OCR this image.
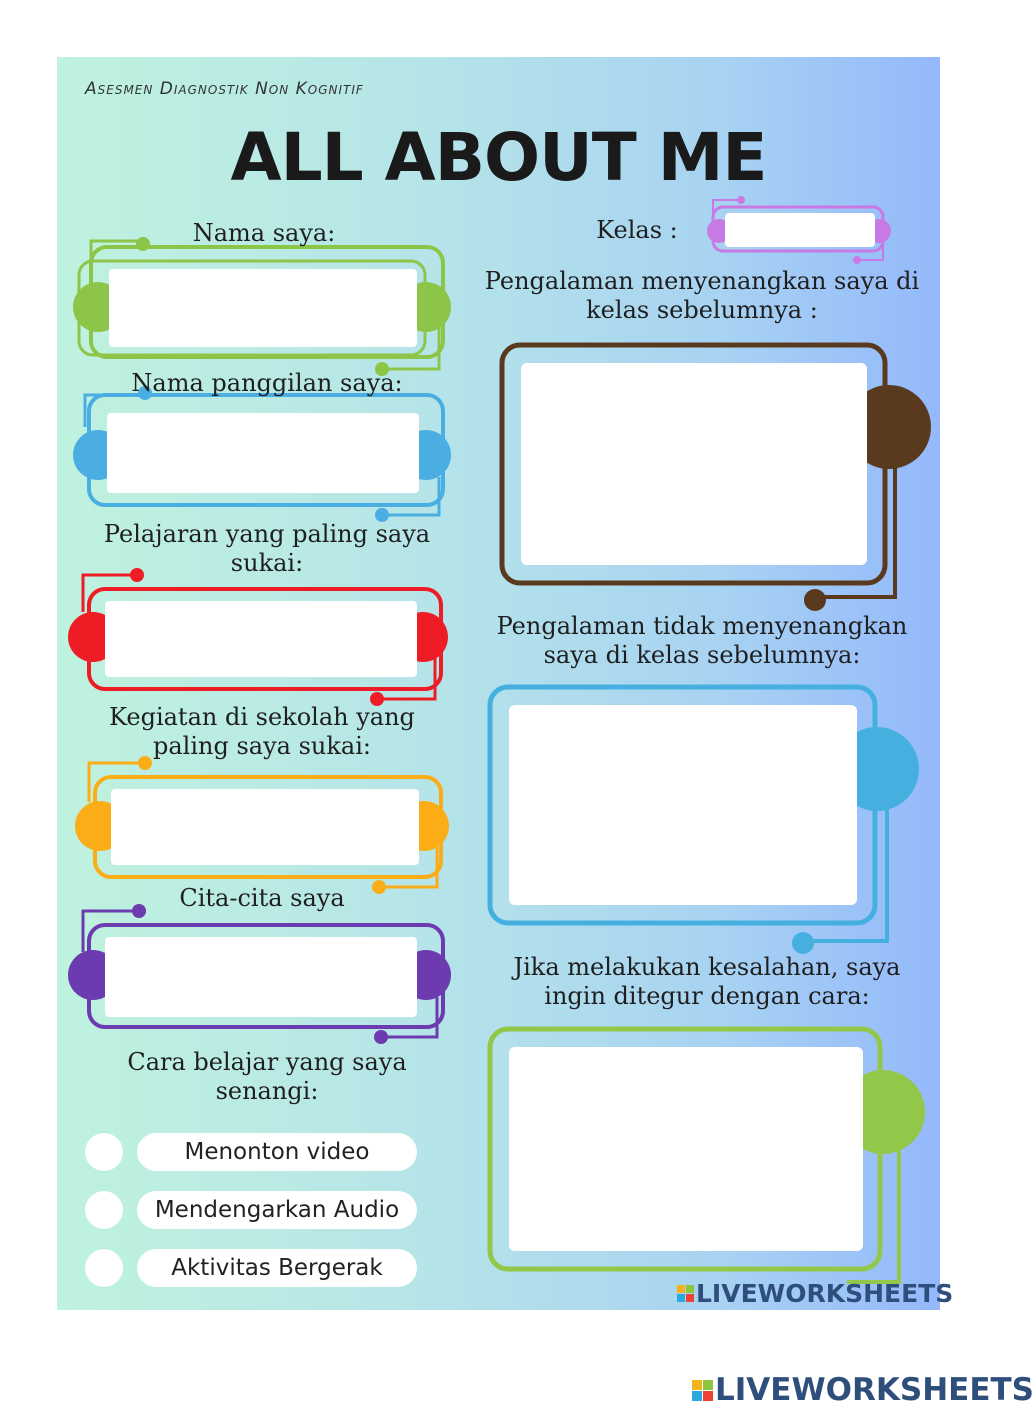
Asesmen Diagnostik Non Kognitif
ALL ABOUT ME
Nama saya:
Nama panggilan saya:
Pelajaran yang paling saya sukai:
Kegiatan di sekolah yang paling saya sukai:
Cita-cita saya
Cara belajar yang saya senangi:
Menonton video
Mendengarkan Audio
Aktivitas Bergerak
Kelas :
Pengalaman menyenangkan saya di kelas sebelumnya :
Pengalaman tidak menyenangkan saya di kelas sebelumnya:
Jika melakukan kesalahan, saya ingin ditegur dengan cara:
LIVEWORKSHEETS
LIVEWORKSHEETS
